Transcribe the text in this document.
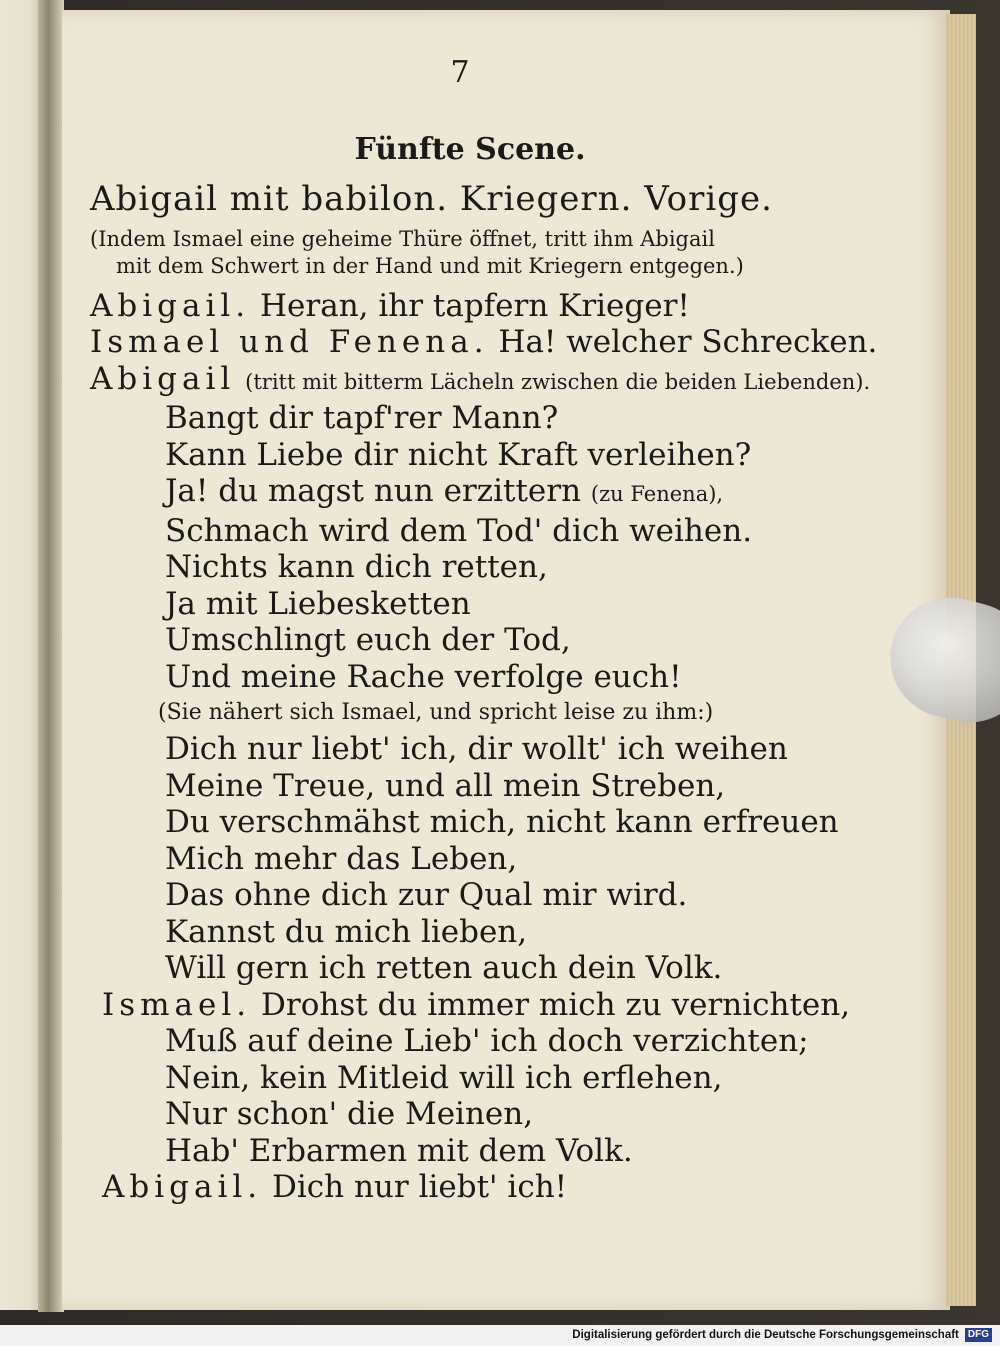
7
Fünfte Scene.
Abigail mit babilon. Kriegern. Vorige.
(Indem Ismael eine geheime Thüre öffnet, tritt ihm Abigail
mit dem Schwert in der Hand und mit Kriegern entgegen.)
Abigail. Heran, ihr tapfern Krieger!
Ismael und Fenena. Ha! welcher Schrecken.
Abigail (tritt mit bitterm Lächeln zwischen die beiden Liebenden).
Bangt dir tapf'rer Mann?
Kann Liebe dir nicht Kraft verleihen?
Ja! du magst nun erzittern (zu Fenena),
Schmach wird dem Tod' dich weihen.
Nichts kann dich retten,
Ja mit Liebesketten
Umschlingt euch der Tod,
Und meine Rache verfolge euch!
(Sie nähert sich Ismael, und spricht leise zu ihm:)
Dich nur liebt' ich, dir wollt' ich weihen
Meine Treue, und all mein Streben,
Du verschmähst mich, nicht kann erfreuen
Mich mehr das Leben,
Das ohne dich zur Qual mir wird.
Kannst du mich lieben,
Will gern ich retten auch dein Volk.
Ismael. Drohst du immer mich zu vernichten,
Muß auf deine Lieb' ich doch verzichten;
Nein, kein Mitleid will ich erflehen,
Nur schon' die Meinen,
Hab' Erbarmen mit dem Volk.
Abigail. Dich nur liebt' ich!
Digitalisierung gefördert durch die Deutsche Forschungsgemeinschaft DFG
